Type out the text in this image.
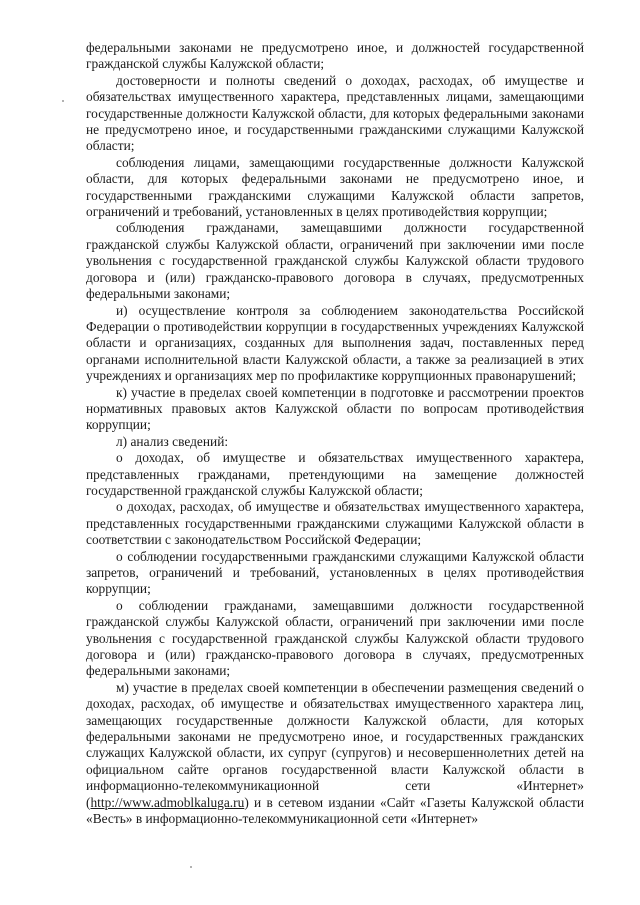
федеральными законами не предусмотрено иное, и должностей государственной гражданской службы Калужской области;

достоверности и полноты сведений о доходах, расходах, об имуществе и обязательствах имущественного характера, представленных лицами, замещающими государственные должности Калужской области, для которых федеральными законами не предусмотрено иное, и государственными гражданскими служащими Калужской области;

соблюдения лицами, замещающими государственные должности Калужской области, для которых федеральными законами не предусмотрено иное, и государственными гражданскими служащими Калужской области запретов, ограничений и требований, установленных в целях противодействия коррупции;

соблюдения гражданами, замещавшими должности государственной гражданской службы Калужской области, ограничений при заключении ими после увольнения с государственной гражданской службы Калужской области трудового договора и (или) гражданско-правового договора в случаях, предусмотренных федеральными законами;

и) осуществление контроля за соблюдением законодательства Российской Федерации о противодействии коррупции в государственных учреждениях Калужской области и организациях, созданных для выполнения задач, поставленных перед органами исполнительной власти Калужской области, а также за реализацией в этих учреждениях и организациях мер по профилактике коррупционных правонарушений;

к) участие в пределах своей компетенции в подготовке и рассмотрении проектов нормативных правовых актов Калужской области по вопросам противодействия коррупции;

л) анализ сведений:

о доходах, об имуществе и обязательствах имущественного характера, представленных гражданами, претендующими на замещение должностей государственной гражданской службы Калужской области;

о доходах, расходах, об имуществе и обязательствах имущественного характера, представленных государственными гражданскими служащими Калужской области в соответствии с законодательством Российской Федерации;

о соблюдении государственными гражданскими служащими Калужской области запретов, ограничений и требований, установленных в целях противодействия коррупции;

о соблюдении гражданами, замещавшими должности государственной гражданской службы Калужской области, ограничений при заключении ими после увольнения с государственной гражданской службы Калужской области трудового договора и (или) гражданско-правового договора в случаях, предусмотренных федеральными законами;

м) участие в пределах своей компетенции в обеспечении размещения сведений о доходах, расходах, об имуществе и обязательствах имущественного характера лиц, замещающих государственные должности Калужской области, для которых федеральными законами не предусмотрено иное, и государственных гражданских служащих Калужской области, их супруг (супругов) и несовершеннолетних детей на официальном сайте органов государственной власти Калужской области в информационно-телекоммуникационной сети «Интернет» (http://www.admoblkaluga.ru) и в сетевом издании «Сайт «Газеты Калужской области «Весть» в информационно-телекоммуникационной сети «Интернет»
